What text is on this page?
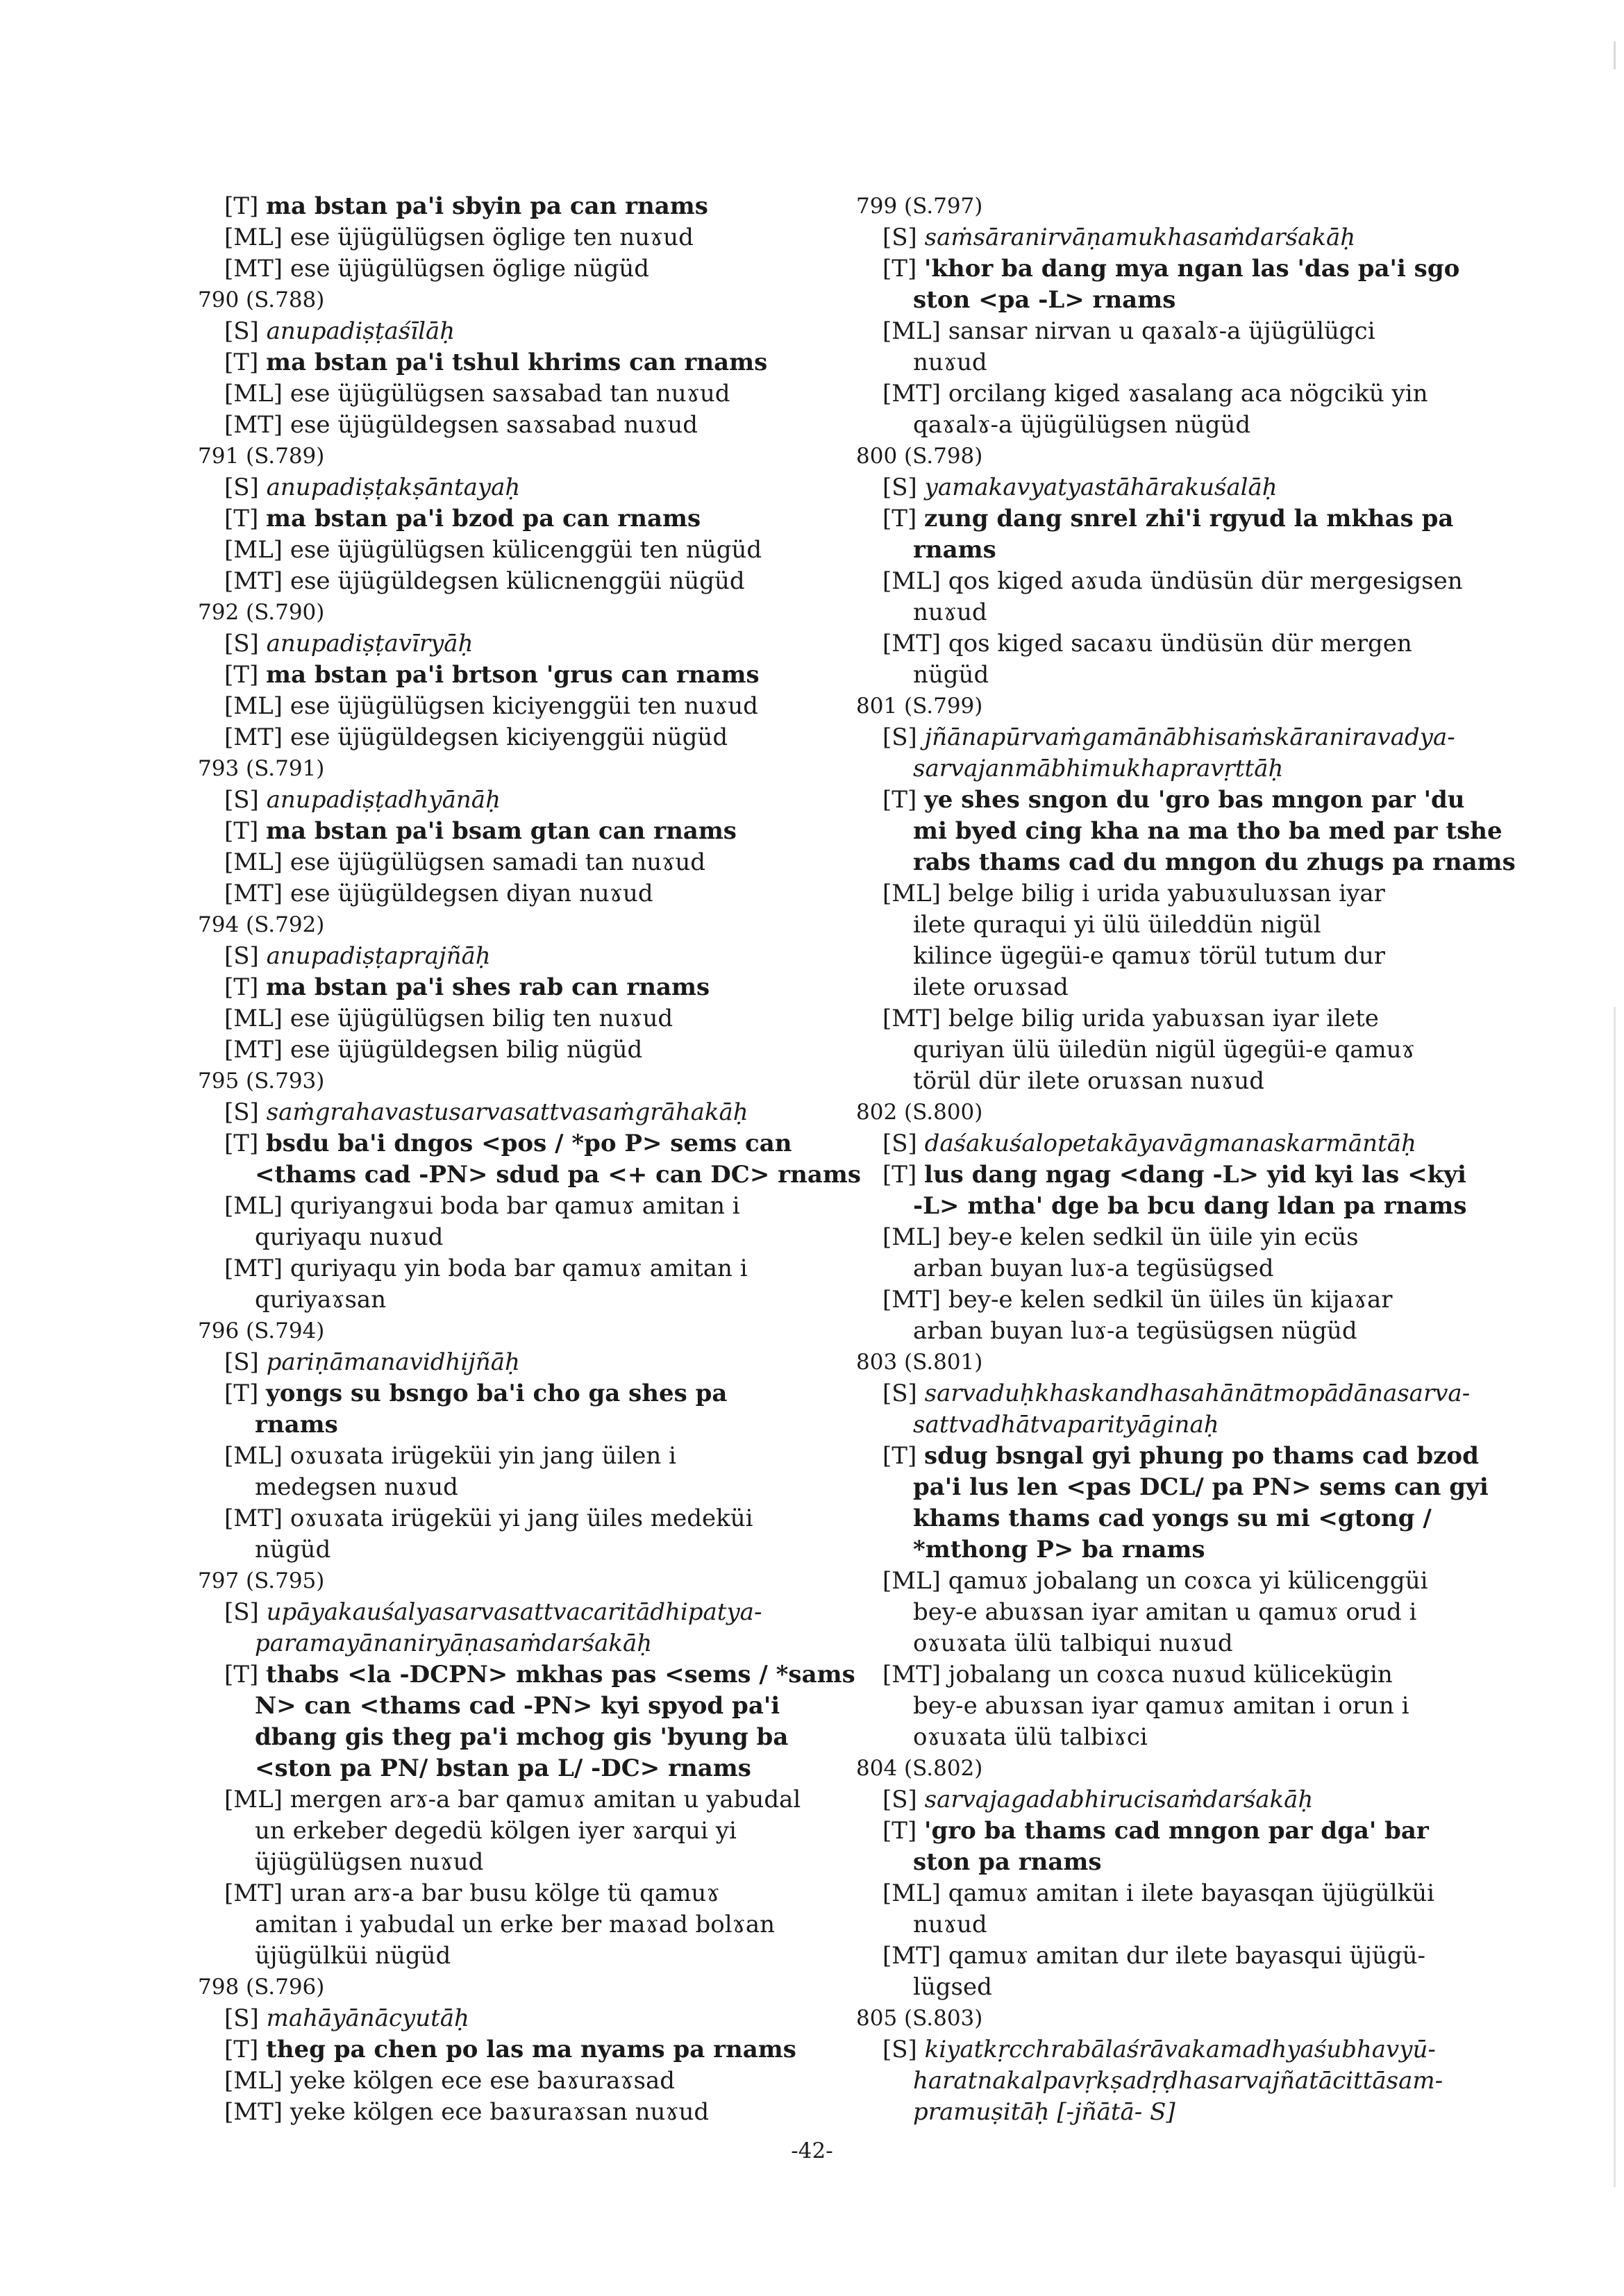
[T] ma bstan pa'i sbyin pa can rnams
[ML] ese üjügülügsen öglige ten nuɤud
[MT] ese üjügülügsen öglige nügüd
790 (S.788)
[S] anupadiṣṭaśīlāḥ
[T] ma bstan pa'i tshul khrims can rnams
[ML] ese üjügülügsen saɤsabad tan nuɤud
[MT] ese üjügüldegsen saɤsabad nuɤud
791 (S.789)
[S] anupadiṣṭakṣāntayaḥ
[T] ma bstan pa'i bzod pa can rnams
[ML] ese üjügülügsen külicenggüi ten nügüd
[MT] ese üjügüldegsen külicnenggüi nügüd
792 (S.790)
[S] anupadiṣṭavīryāḥ
[T] ma bstan pa'i brtson 'grus can rnams
[ML] ese üjügülügsen kiciyenggüi ten nuɤud
[MT] ese üjügüldegsen kiciyenggüi nügüd
793 (S.791)
[S] anupadiṣṭadhyānāḥ
[T] ma bstan pa'i bsam gtan can rnams
[ML] ese üjügülügsen samadi tan nuɤud
[MT] ese üjügüldegsen diyan nuɤud
794 (S.792)
[S] anupadiṣṭaprajñāḥ
[T] ma bstan pa'i shes rab can rnams
[ML] ese üjügülügsen bilig ten nuɤud
[MT] ese üjügüldegsen bilig nügüd
795 (S.793)
[S] saṁgrahavastusarvasattvasaṁgrāhakāḥ
[T] bsdu ba'i dngos <pos / *po P> sems can
<thams cad -PN> sdud pa <+ can DC> rnams
[ML] quriyangɤui boda bar qamuɤ amitan i
quriyaqu nuɤud
[MT] quriyaqu yin boda bar qamuɤ amitan i
quriyaɤsan
796 (S.794)
[S] pariṇāmanavidhijñāḥ
[T] yongs su bsngo ba'i cho ga shes pa
rnams
[ML] oɤuɤata irügeküi yin jang üilen i
medegsen nuɤud
[MT] oɤuɤata irügeküi yi jang üiles medeküi
nügüd
797 (S.795)
[S] upāyakauśalyasarvasattvacaritādhipatya-
paramayānaniryāṇasaṁdarśakāḥ
[T] thabs <la -DCPN> mkhas pas <sems / *sams
N> can <thams cad -PN> kyi spyod pa'i
dbang gis theg pa'i mchog gis 'byung ba
<ston pa PN/ bstan pa L/ -DC> rnams
[ML] mergen arɤ-a bar qamuɤ amitan u yabudal
un erkeber degedü kölgen iyer ɤarqui yi
üjügülügsen nuɤud
[MT] uran arɤ-a bar busu kölge tü qamuɤ
amitan i yabudal un erke ber maɤad bolɤan
üjügülküi nügüd
798 (S.796)
[S] mahāyānācyutāḥ
[T] theg pa chen po las ma nyams pa rnams
[ML] yeke kölgen ece ese baɤuraɤsad
[MT] yeke kölgen ece baɤuraɤsan nuɤud
799 (S.797)
[S] saṁsāranirvāṇamukhasaṁdarśakāḥ
[T] 'khor ba dang mya ngan las 'das pa'i sgo
ston <pa -L> rnams
[ML] sansar nirvan u qaɤalɤ-a üjügülügci
nuɤud
[MT] orcilang kiged ɤasalang aca nögcikü yin
qaɤalɤ-a üjügülügsen nügüd
800 (S.798)
[S] yamakavyatyastāhārakuśalāḥ
[T] zung dang snrel zhi'i rgyud la mkhas pa
rnams
[ML] qos kiged aɤuda ündüsün dür mergesigsen
nuɤud
[MT] qos kiged sacaɤu ündüsün dür mergen
nügüd
801 (S.799)
[S] jñānapūrvaṁgamānābhisaṁskāraniravadya-
sarvajanmābhimukhapravṛttāḥ
[T] ye shes sngon du 'gro bas mngon par 'du
mi byed cing kha na ma tho ba med par tshe
rabs thams cad du mngon du zhugs pa rnams
[ML] belge bilig i urida yabuɤuluɤsan iyar
ilete quraqui yi ülü üileddün nigül
kilince ügegüi-e qamuɤ törül tutum dur
ilete oruɤsad
[MT] belge bilig urida yabuɤsan iyar ilete
quriyan ülü üiledün nigül ügegüi-e qamuɤ
törül dür ilete oruɤsan nuɤud
802 (S.800)
[S] daśakuśalopetakāyavāgmanaskarmāntāḥ
[T] lus dang ngag <dang -L> yid kyi las <kyi
-L> mtha' dge ba bcu dang ldan pa rnams
[ML] bey-e kelen sedkil ün üile yin ecüs
arban buyan luɤ-a tegüsügsed
[MT] bey-e kelen sedkil ün üiles ün kijaɤar
arban buyan luɤ-a tegüsügsen nügüd
803 (S.801)
[S] sarvaduḥkhaskandhasahānātmopādānasarva-
sattvadhātvaparityāginaḥ
[T] sdug bsngal gyi phung po thams cad bzod
pa'i lus len <pas DCL/ pa PN> sems can gyi
khams thams cad yongs su mi <gtong /
*mthong P> ba rnams
[ML] qamuɤ jobalang un coɤca yi külicenggüi
bey-e abuɤsan iyar amitan u qamuɤ orud i
oɤuɤata ülü talbiqui nuɤud
[MT] jobalang un coɤca nuɤud külicekügin
bey-e abuɤsan iyar qamuɤ amitan i orun i
oɤuɤata ülü talbiɤci
804 (S.802)
[S] sarvajagadabhirucisaṁdarśakāḥ
[T] 'gro ba thams cad mngon par dga' bar
ston pa rnams
[ML] qamuɤ amitan i ilete bayasqan üjügülküi
nuɤud
[MT] qamuɤ amitan dur ilete bayasqui üjügü-
lügsed
805 (S.803)
[S] kiyatkṛcchrabālaśrāvakamadhyaśubhavyū-
haratnakalpavṛkṣadṛḍhasarvajñatācittāsam-
pramuṣitāḥ [-jñātā- S]
-42-
